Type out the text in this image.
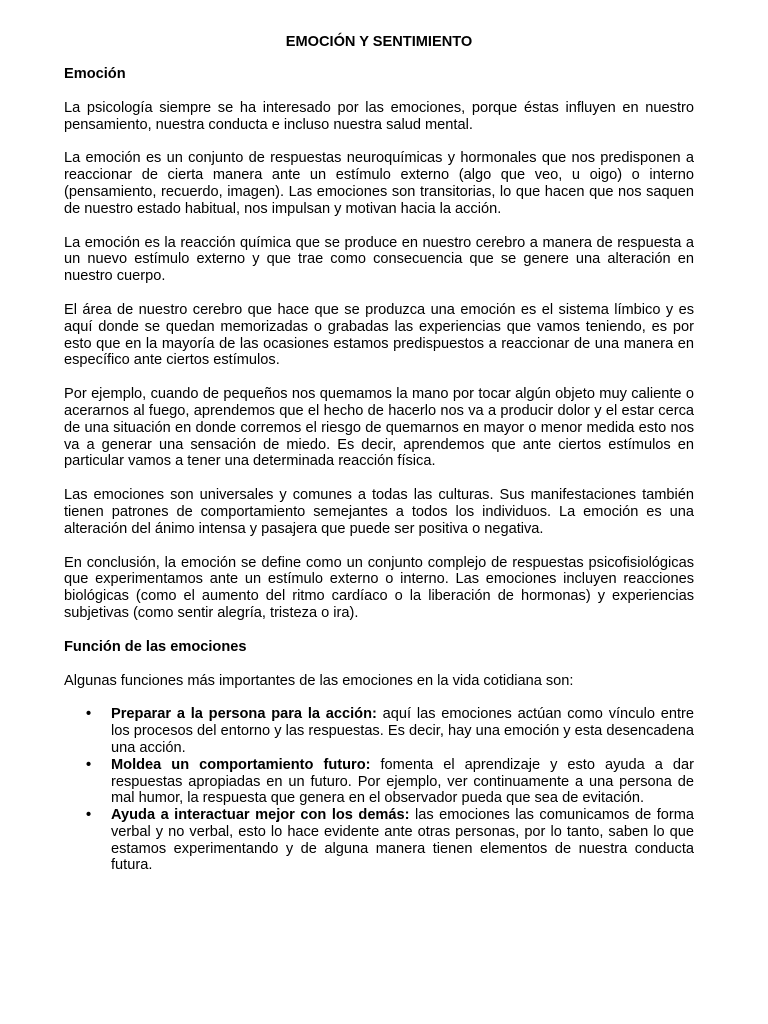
EMOCIÓN Y SENTIMIENTO
Emoción

La psicología siempre se ha interesado por las emociones, porque éstas influyen en nuestro pensamiento, nuestra conducta e incluso nuestra salud mental.

La emoción es un conjunto de respuestas neuroquímicas y hormonales que nos predisponen a reaccionar de cierta manera ante un estímulo externo (algo que veo, u oigo) o interno (pensamiento, recuerdo, imagen). Las emociones son transitorias, lo que hacen que nos saquen de nuestro estado habitual, nos impulsan y motivan hacia la acción.

La emoción es la reacción química que se produce en nuestro cerebro a manera de respuesta a un nuevo estímulo externo y que trae como consecuencia que se genere una alteración en nuestro cuerpo.

El área de nuestro cerebro que hace que se produzca una emoción es el sistema límbico y es aquí donde se quedan memorizadas o grabadas las experiencias que vamos teniendo, es por esto que en la mayoría de las ocasiones estamos predispuestos a reaccionar de una manera en específico ante ciertos estímulos.

Por ejemplo, cuando de pequeños nos quemamos la mano por tocar algún objeto muy caliente o acerarnos al fuego, aprendemos que el hecho de hacerlo nos va a producir dolor y el estar cerca de una situación en donde corremos el riesgo de quemarnos en mayor o menor medida esto nos va a generar una sensación de miedo. Es decir, aprendemos que ante ciertos estímulos en particular vamos a tener una determinada reacción física.

Las emociones son universales y comunes a todas las culturas. Sus manifestaciones también tienen patrones de comportamiento semejantes a todos los individuos. La emoción es una alteración del ánimo intensa y pasajera que puede ser positiva o negativa.

En conclusión, la emoción se define como un conjunto complejo de respuestas psicofisiológicas que experimentamos ante un estímulo externo o interno. Las emociones incluyen reacciones biológicas (como el aumento del ritmo cardíaco o la liberación de hormonas) y experiencias subjetivas (como sentir alegría, tristeza o ira).

Función de las emociones

Algunas funciones más importantes de las emociones en la vida cotidiana son:

• Preparar a la persona para la acción: aquí las emociones actúan como vínculo entre los procesos del entorno y las respuestas. Es decir, hay una emoción y esta desencadena una acción.
• Moldea un comportamiento futuro: fomenta el aprendizaje y esto ayuda a dar respuestas apropiadas en un futuro. Por ejemplo, ver continuamente a una persona de mal humor, la respuesta que genera en el observador pueda que sea de evitación.
• Ayuda a interactuar mejor con los demás: las emociones las comunicamos de forma verbal y no verbal, esto lo hace evidente ante otras personas, por lo tanto, saben lo que estamos experimentando y de alguna manera tienen elementos de nuestra conducta futura.
